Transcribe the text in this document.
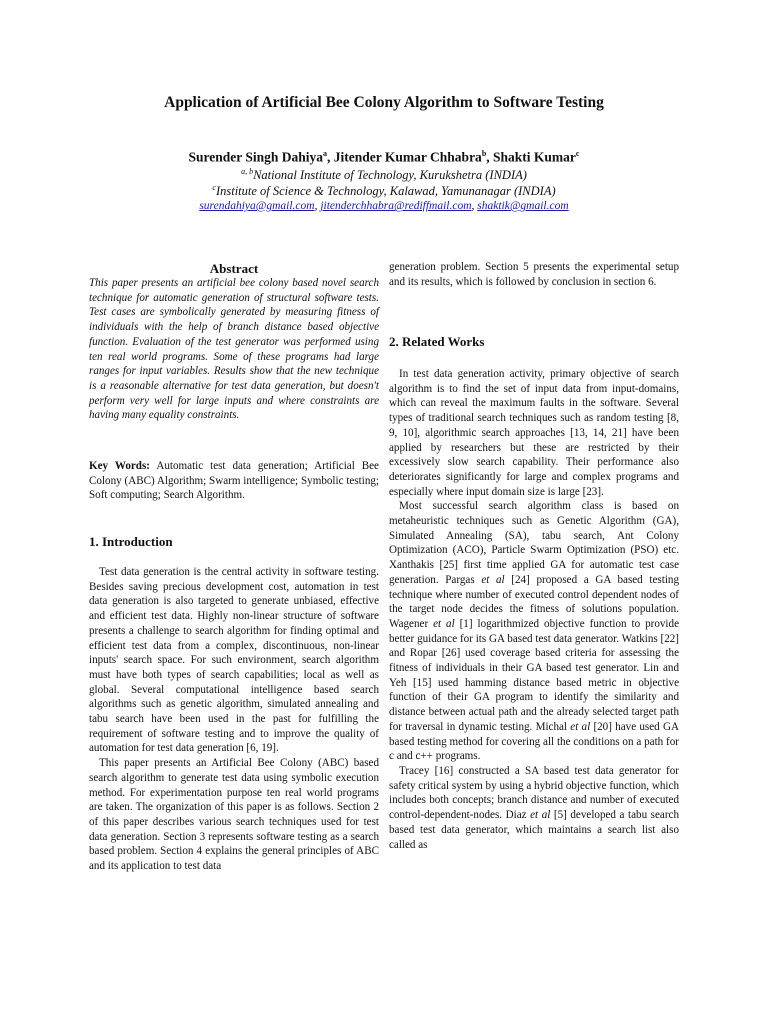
Application of Artificial Bee Colony Algorithm to Software Testing
Surender Singh Dahiya$^a$, Jitender Kumar Chhabra$^b$, Shakti Kumar$^c$
$^{a, b}$National Institute of Technology, Kurukshetra (INDIA)
$^c$Institute of Science & Technology, Kalawad, Yamunanagar (INDIA)
surendahiya@gmail.com, jitenderchhabra@rediffmail.com, shaktik@gmail.com
Abstract
This paper presents an artificial bee colony based novel search technique for automatic generation of structural software tests. Test cases are symbolically generated by measuring fitness of individuals with the help of branch distance based objective function. Evaluation of the test generator was performed using ten real world programs. Some of these programs had large ranges for input variables. Results show that the new technique is a reasonable alternative for test data generation, but doesn't perform very well for large inputs and where constraints are having many equality constraints.
Key Words: Automatic test data generation; Artificial Bee Colony (ABC) Algorithm; Swarm intelligence; Symbolic testing; Soft computing; Search Algorithm.
1. Introduction

Test data generation is the central activity in software testing. Besides saving precious development cost, automation in test data generation is also targeted to generate unbiased, effective and efficient test data. Highly non-linear structure of software presents a challenge to search algorithm for finding optimal and efficient test data from a complex, discontinuous, non-linear inputs' search space. For such environment, search algorithm must have both types of search capabilities; local as well as global. Several computational intelligence based search algorithms such as genetic algorithm, simulated annealing and tabu search have been used in the past for fulfilling the requirement of software testing and to improve the quality of automation for test data generation [6, 19].

This paper presents an Artificial Bee Colony (ABC) based search algorithm to generate test data using symbolic execution method. For experimentation purpose ten real world programs are taken. The organization of this paper is as follows. Section 2 of this paper describes various search techniques used for test data generation. Section 3 represents software testing as a search based problem. Section 4 explains the general principles of ABC and its application to test data

generation problem. Section 5 presents the experimental setup and its results, which is followed by conclusion in section 6.

2. Related Works

In test data generation activity, primary objective of search algorithm is to find the set of input data from input-domains, which can reveal the maximum faults in the software. Several types of traditional search techniques such as random testing [8, 9, 10], algorithmic search approaches [13, 14, 21] have been applied by researchers but these are restricted by their excessively slow search capability. Their performance also deteriorates significantly for large and complex programs and especially where input domain size is large [23].

Most successful search algorithm class is based on metaheuristic techniques such as Genetic Algorithm (GA), Simulated Annealing (SA), tabu search, Ant Colony Optimization (ACO), Particle Swarm Optimization (PSO) etc. Xanthakis [25] first time applied GA for automatic test case generation. Pargas et al [24] proposed a GA based testing technique where number of executed control dependent nodes of the target node decides the fitness of solutions population. Wagener et al [1] logarithmized objective function to provide better guidance for its GA based test data generator. Watkins [22] and Ropar [26] used coverage based criteria for assessing the fitness of individuals in their GA based test generator. Lin and Yeh [15] used hamming distance based metric in objective function of their GA program to identify the similarity and distance between actual path and the already selected target path for traversal in dynamic testing. Michal et al [20] have used GA based testing method for covering all the conditions on a path for c and c++ programs.

Tracey [16] constructed a SA based test data generator for safety critical system by using a hybrid objective function, which includes both concepts; branch distance and number of executed control-dependent-nodes. Diaz et al [5] developed a tabu search based test data generator, which maintains a search list also called as
